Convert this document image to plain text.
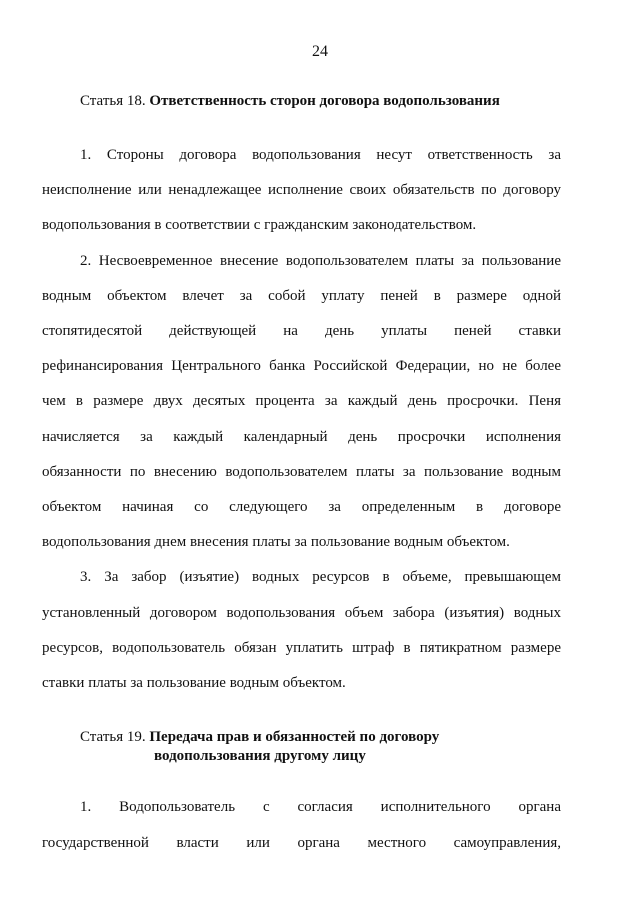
24
Статья 18. Ответственность сторон договора водопользования
1. Стороны договора водопользования несут ответственность за
неисполнение или ненадлежащее исполнение своих обязательств по договору
водопользования в соответствии с гражданским законодательством.
2. Несвоевременное внесение водопользователем платы за пользование
водным объектом влечет за собой уплату пеней в размере одной
стопятидесятой действующей на день уплаты пеней ставки
рефинансирования Центрального банка Российской Федерации, но не более
чем в размере двух десятых процента за каждый день просрочки. Пеня
начисляется за каждый календарный день просрочки исполнения
обязанности по внесению водопользователем платы за пользование водным
объектом начиная со следующего за определенным в договоре
водопользования днем внесения платы за пользование водным объектом.
3. За забор (изъятие) водных ресурсов в объеме, превышающем
установленный договором водопользования объем забора (изъятия) водных
ресурсов, водопользователь обязан уплатить штраф в пятикратном размере
ставки платы за пользование водным объектом.
Статья 19. Передача прав и обязанностей по договору
водопользования другому лицу
1. Водопользователь с согласия исполнительного органа
государственной власти или органа местного самоуправления,
